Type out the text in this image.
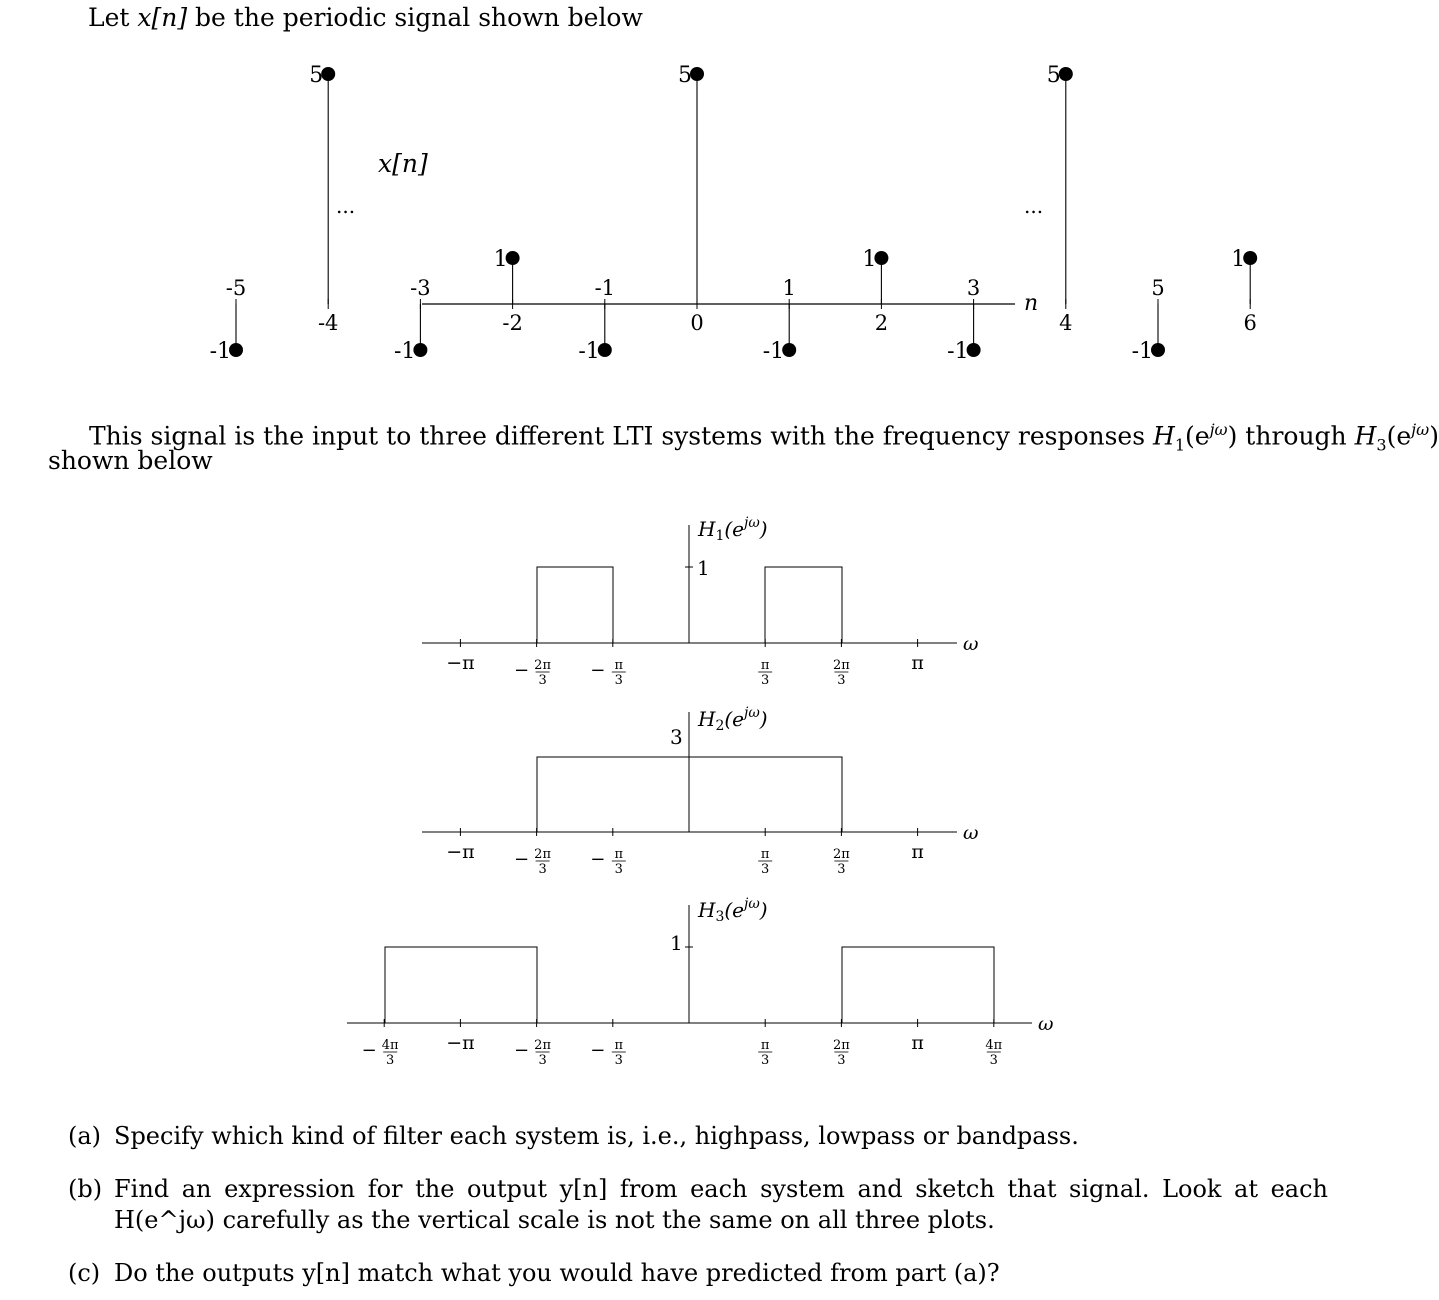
Let x[n] be the periodic signal shown below
x[n]
n
...	...
-1
-5
5
-4
-1
-3
1
-2
-1
-1
5
0
-1
1
1
2
-1
3
5
4
-1
5
1
6
1
$H_1(e^{j\omega})$
ω
−π − 2π
3 − π
3
π
3
2π
3
π
3
$H_2(e^{j\omega})$
ω
−π − 2π
3 − π
3
π
3
2π
3
π
1
$H_3(e^{j\omega})$
ω
− 4π
3
−π − 2π
3 − π
3
π
3
2π
3
π	4π
3
This signal is the input to three different LTI systems with the frequency responses $H_1(e^{j\omega})$ through $H_3(e^{j\omega})$
shown below
(a) Specify which kind of filter each system is, i.e., highpass, lowpass or bandpass.
(b) Find an expression for the output y[n] from each system and sketch that signal. Look at each H(e^jω) carefully as the vertical scale is not the same on all three plots.
(c) Do the outputs y[n] match what you would have predicted from part (a)?
